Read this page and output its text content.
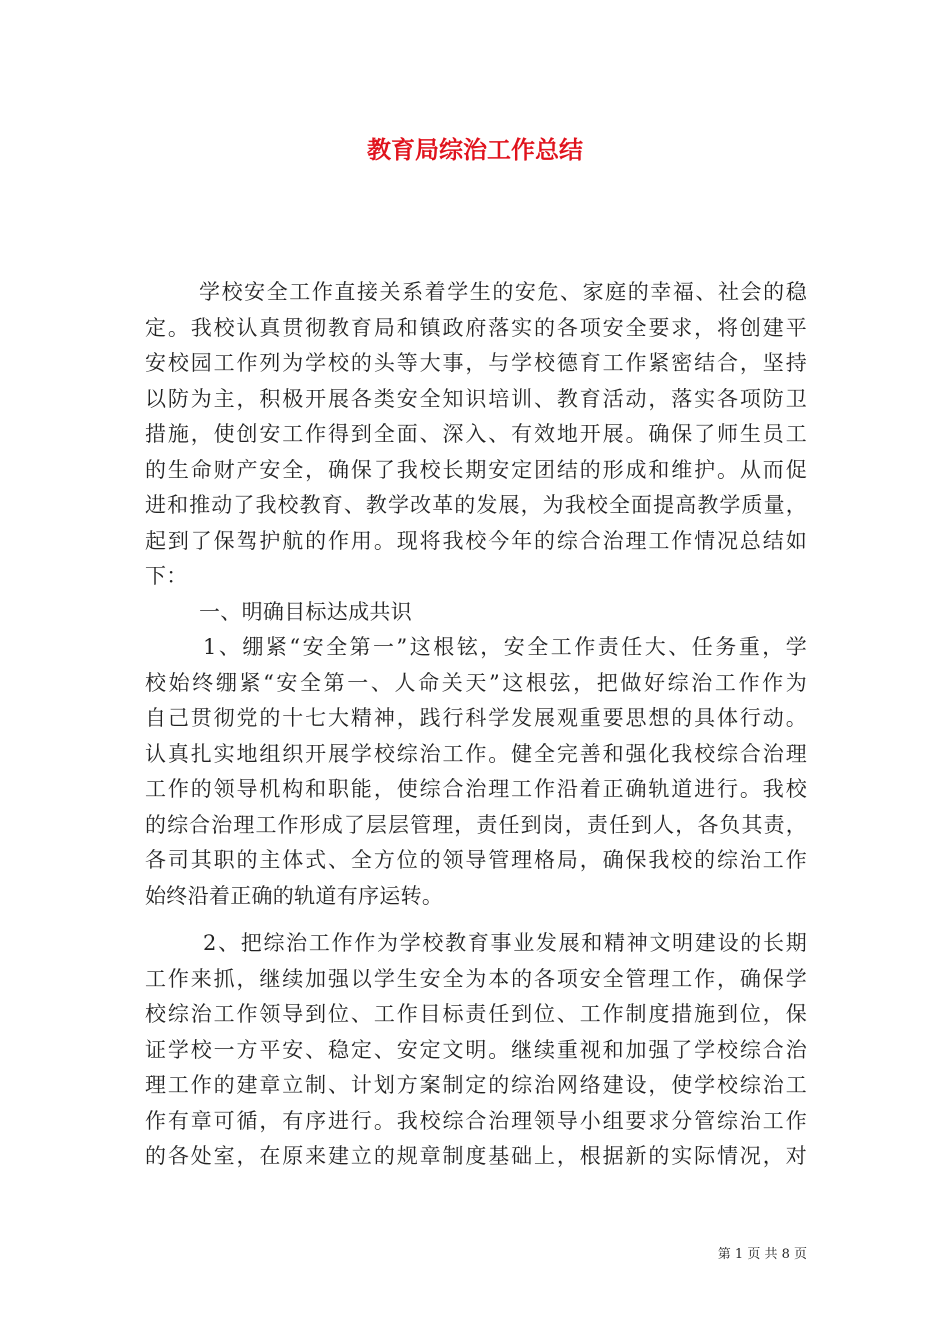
教育局综治工作总结
学校安全工作直接关系着学生的安危、家庭的幸福、社会的稳
定。我校认真贯彻教育局和镇政府落实的各项安全要求，将创建平
安校园工作列为学校的头等大事，与学校德育工作紧密结合，坚持
以防为主，积极开展各类安全知识培训、教育活动，落实各项防卫
措施，使创安工作得到全面、深入、有效地开展。确保了师生员工
的生命财产安全，确保了我校长期安定团结的形成和维护。从而促
进和推动了我校教育、教学改革的发展，为我校全面提高教学质量，
起到了保驾护航的作用。现将我校今年的综合治理工作情况总结如
下：
一、明确目标达成共识
1、绷紧“安全第一”这根铉，安全工作责任大、任务重，学
校始终绷紧“安全第一、人命关天”这根弦，把做好综治工作作为
自己贯彻党的十七大精神，践行科学发展观重要思想的具体行动。
认真扎实地组织开展学校综治工作。健全完善和强化我校综合治理
工作的领导机构和职能，使综合治理工作沿着正确轨道进行。我校
的综合治理工作形成了层层管理，责任到岗，责任到人，各负其责，
各司其职的主体式、全方位的领导管理格局，确保我校的综治工作
始终沿着正确的轨道有序运转。
2、把综治工作作为学校教育事业发展和精神文明建设的长期
工作来抓，继续加强以学生安全为本的各项安全管理工作，确保学
校综治工作领导到位、工作目标责任到位、工作制度措施到位，保
证学校一方平安、稳定、安定文明。继续重视和加强了学校综合治
理工作的建章立制、计划方案制定的综治网络建设，使学校综治工
作有章可循，有序进行。我校综合治理领导小组要求分管综治工作
的各处室，在原来建立的规章制度基础上，根据新的实际情况，对
第 1 页 共 8 页
